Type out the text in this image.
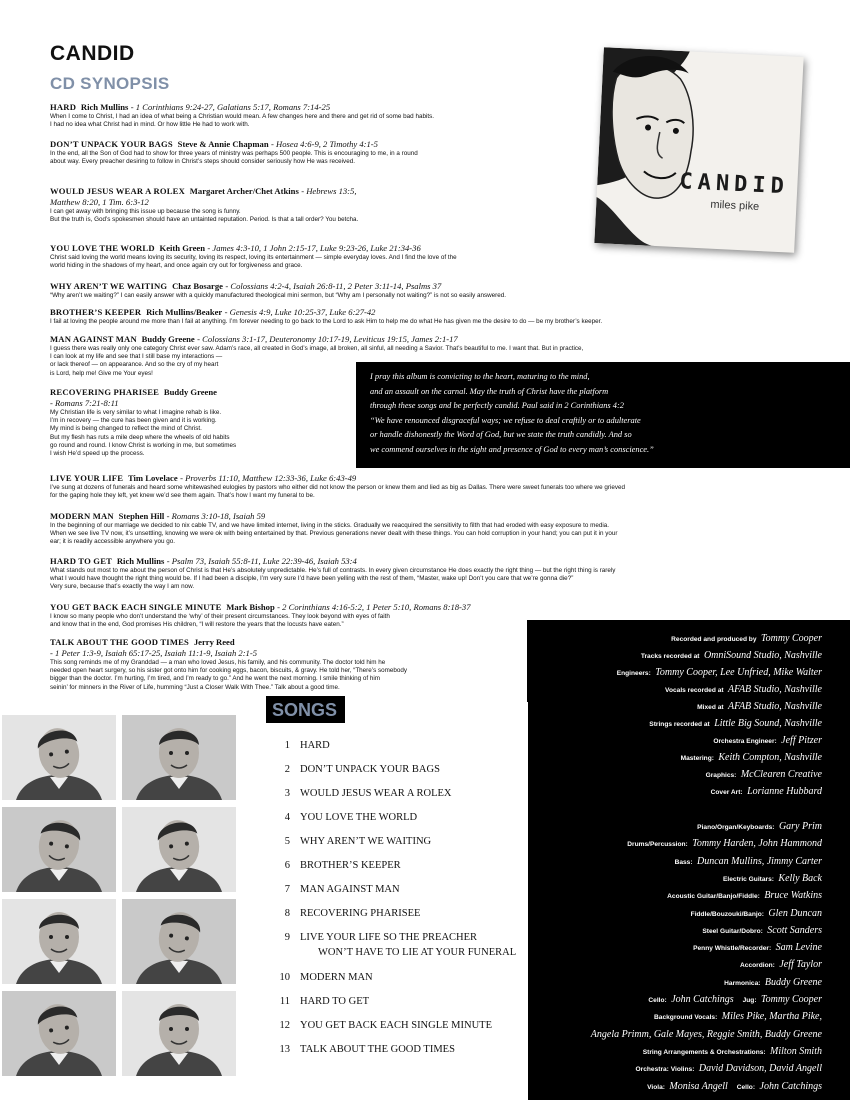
CANDID
CD SYNOPSIS
HARD Rich Mullins - 1 Corinthians 9:24-27, Galatians 5:17, Romans 7:14-25
When I come to Christ, I had an idea of what being a Christian would mean. A few changes here and there and get rid of some bad habits.
I had no idea what Christ had in mind. Or how little He had to work with.
DON’T UNPACK YOUR BAGS Steve & Annie Chapman - Hosea 4:6-9, 2 Timothy 4:1-5
In the end, all the Son of God had to show for three years of ministry was perhaps 500 people. This is encouraging to me, in a round
about way. Every preacher desiring to follow in Christ’s steps should consider seriously how He was received.
WOULD JESUS WEAR A ROLEX Margaret Archer/Chet Atkins - Hebrews 13:5,
Matthew 8:20, 1 Tim. 6:3-12
I can get away with bringing this issue up because the song is funny.
But the truth is, God’s spokesmen should have an untainted reputation. Period. Is that a tall order? You betcha.
YOU LOVE THE WORLD Keith Green - James 4:3-10, 1 John 2:15-17, Luke 9:23-26, Luke 21:34-36
Christ said loving the world means loving its security, loving its respect, loving its entertainment — simple everyday loves. And I find the love of the
world hiding in the shadows of my heart, and once again cry out for forgiveness and grace.
WHY AREN’T WE WAITING Chaz Bosarge - Colossians 4:2-4, Isaiah 26:8-11, 2 Peter 3:11-14, Psalms 37
“Why aren’t we waiting?” I can easily answer with a quickly manufactured theological mini sermon, but “Why am I personally not waiting?” is not so easily answered.
BROTHER’S KEEPER Rich Mullins/Beaker - Genesis 4:9, Luke 10:25-37, Luke 6:27-42
I fail at loving the people around me more than I fail at anything. I’m forever needing to go back to the Lord to ask Him to help me do what He has given me the desire to do — be my brother’s keeper.
MAN AGAINST MAN Buddy Greene - Colossians 3:1-17, Deuteronomy 10:17-19, Leviticus 19:15, James 2:1-17
I guess there was really only one category Christ ever saw. Adam’s race, all created in God’s image, all broken, all sinful, all needing a Savior. That’s beautiful to me. I want that. But in practice,
I can look at my life and see that I still base my interactions —
or lack thereof — on appearance. And so the cry of my heart
is Lord, help me! Give me Your eyes!
RECOVERING PHARISEE Buddy Greene
- Romans 7:21-8:11
My Christian life is very similar to what I imagine rehab is like.
I’m in recovery — the cure has been given and it is working.
My mind is being changed to reflect the mind of Christ.
But my flesh has ruts a mile deep where the wheels of old habits
go round and round. I know Christ is working in me, but sometimes
I wish He’d speed up the process.
LIVE YOUR LIFE Tim Lovelace - Proverbs 11:10, Matthew 12:33-36, Luke 6:43-49
I’ve sung at dozens of funerals and heard some whitewashed eulogies by pastors who either did not know the person or knew them and lied as big as Dallas. There were sweet funerals too where we grieved
for the gaping hole they left, yet knew we’d see them again. That’s how I want my funeral to be.
MODERN MAN Stephen Hill - Romans 3:10-18, Isaiah 59
In the beginning of our marriage we decided to nix cable TV, and we have limited internet, living in the sticks. Gradually we reacquired the sensitivity to filth that had eroded with easy exposure to media.
When we see live TV now, it’s unsettling, knowing we were ok with being entertained by that. Previous generations never dealt with these things. You can hold corruption in your hand; you can put it in your
ear; it is readily accessible anywhere you go.
HARD TO GET Rich Mullins - Psalm 73, Isaiah 55:8-11, Luke 22:39-46, Isaiah 53:4
What stands out most to me about the person of Christ is that He’s absolutely unpredictable. He’s full of contrasts. In every given circumstance He does exactly the right thing — but the right thing is rarely
what I would have thought the right thing would be. If I had been a disciple, I’m very sure I’d have been yelling with the rest of them, “Master, wake up! Don’t you care that we’re gonna die?”
Very sure, because that’s exactly the way I am now.
YOU GET BACK EACH SINGLE MINUTE Mark Bishop - 2 Corinthians 4:16-5:2, 1 Peter 5:10, Romans 8:18-37
I know so many people who don’t understand the ‘why’ of their present circumstances. They look beyond with eyes of faith
and know that in the end, God promises His children, “I will restore the years that the locusts have eaten.”
TALK ABOUT THE GOOD TIMES Jerry Reed
- 1 Peter 1:3-9, Isaiah 65:17-25, Isaiah 11:1-9, Isaiah 2:1-5
This song reminds me of my Granddad — a man who loved Jesus, his family, and his community. The doctor told him he
needed open heart surgery, so his sister got onto him for cooking eggs, bacon, biscuits, & gravy. He told her, “There’s somebody
bigger than the doctor. I’m hurting, I’m tired, and I’m ready to go.” And he went the next morning. I smile thinking of him
seinin’ for minners in the River of Life, humming “Just a Closer Walk With Thee.” Talk about a good time.
CANDID
miles pike
I pray this album is convicting to the heart, maturing to the mind,
and an assault on the carnal. May the truth of Christ have the platform
through these songs and be perfectly candid. Paul said in 2 Corinthians 4:2
“We have renounced disgraceful ways; we refuse to deal craftily or to adulterate
or handle dishonestly the Word of God, but we state the truth candidly. And so
we commend ourselves in the sight and presence of God to every man’s conscience.”
Recorded and produced by Tommy Cooper
Tracks recorded at OmniSound Studio, Nashville
Engineers: Tommy Cooper, Lee Unfried, Mike Walter
Vocals recorded at AFAB Studio, Nashville
Mixed at AFAB Studio, Nashville
Strings recorded at Little Big Sound, Nashville
Orchestra Engineer: Jeff Pitzer
Mastering: Keith Compton, Nashville
Graphics: McClearen Creative
Cover Art: Lorianne Hubbard
Piano/Organ/Keyboards: Gary Prim
Drums/Percussion: Tommy Harden, John Hammond
Bass: Duncan Mullins, Jimmy Carter
Electric Guitars: Kelly Back
Acoustic Guitar/Banjo/Fiddle: Bruce Watkins
Fiddle/Bouzouki/Banjo: Glen Duncan
Steel Guitar/Dobro: Scott Sanders
Penny Whistle/Recorder: Sam Levine
Accordion: Jeff Taylor
Harmonica: Buddy Greene
Cello: John Catchings Jug: Tommy Cooper
Background Vocals: Miles Pike, Martha Pike,
Angela Primm, Gale Mayes, Reggie Smith, Buddy Greene
String Arrangements & Orchestrations: Milton Smith
Orchestra: Violins: David Davidson, David Angell
Viola: Monisa Angell Cello: John Catchings
SONGS
1 HARD
2 DON’T UNPACK YOUR BAGS
3 WOULD JESUS WEAR A ROLEX
4 YOU LOVE THE WORLD
5 WHY AREN’T WE WAITING
6 BROTHER’S KEEPER
7 MAN AGAINST MAN
8 RECOVERING PHARISEE
9 LIVE YOUR LIFE SO THE PREACHER
WON’T HAVE TO LIE AT YOUR FUNERAL
10 MODERN MAN
11 HARD TO GET
12 YOU GET BACK EACH SINGLE MINUTE
13 TALK ABOUT THE GOOD TIMES
